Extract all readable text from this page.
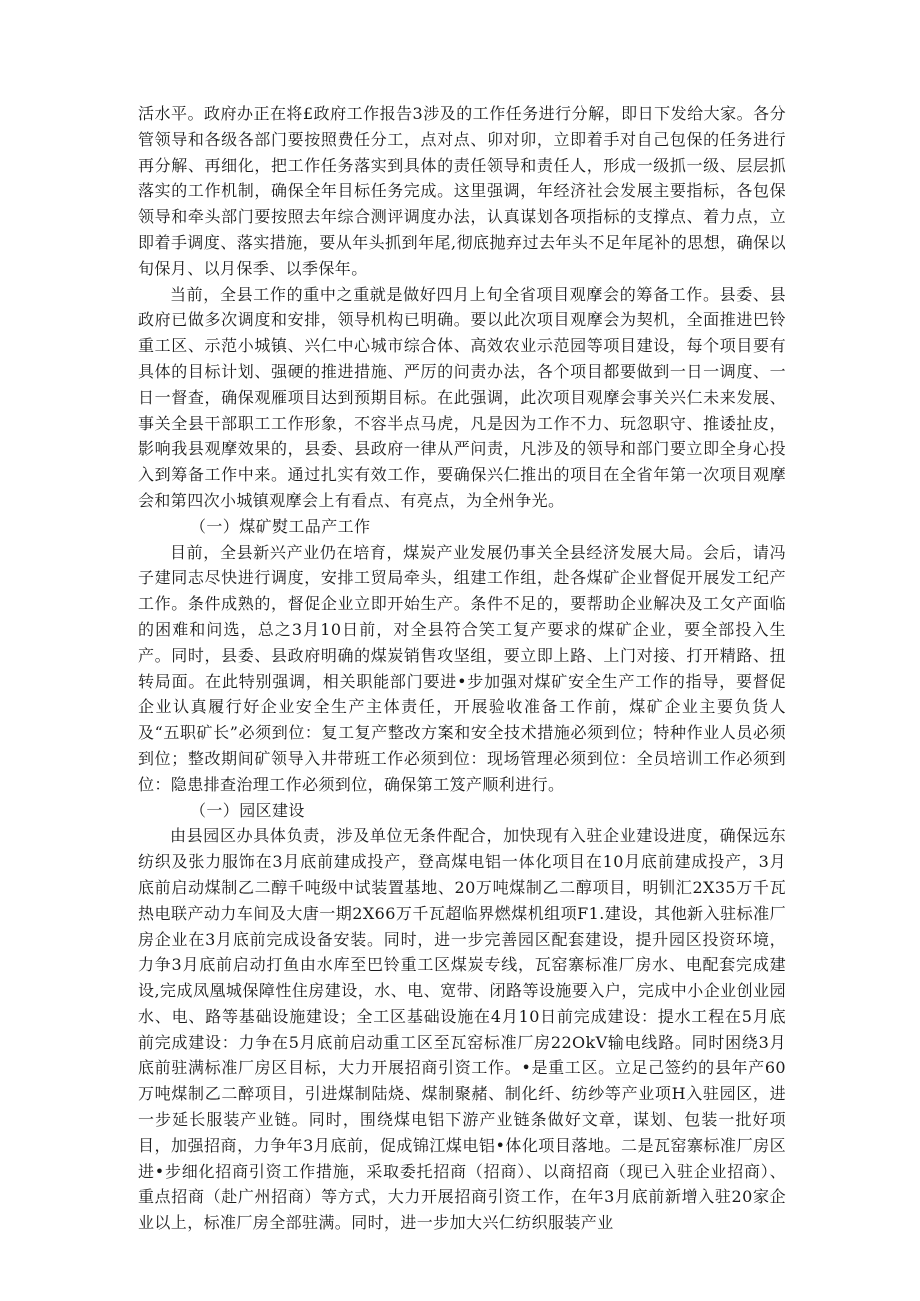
活水平。政府办正在将£政府工作报告3涉及的工作任务进行分解，即日下发给大家。各分管领导和各级各部门要按照费任分工，点对点、卯对卯，立即着手对自己包保的任务进行再分解、再细化，把工作任务落实到具体的责任领导和责任人，形成一级抓一级、层层抓落实的工作机制，确保全年目标任务完成。这里强调，年经济社会发展主要指标，各包保领导和牵头部门要按照去年综合测评调度办法，认真谋划各项指标的支撑点、着力点，立即着手调度、落实措施，要从年头抓到年尾,彻底抛弃过去年头不足年尾补的思想，确保以旬保月、以月保季、以季保年。

当前，全县工作的重中之重就是做好四月上旬全省项目观摩会的筹备工作。县委、县政府已做多次调度和安排，领导机构已明确。要以此次项目观摩会为契机，全面推进巴铃重工区、示范小城镇、兴仁中心城市综合体、高效农业示范园等项目建设，每个项目要有具体的目标计划、强硬的推进措施、严厉的问责办法，各个项目都要做到一日一调度、一日一督查，确保观雁项目达到预期目标。在此强调，此次项目观摩会事关兴仁未来发展、事关全县干部职工工作形象，不容半点马虎，凡是因为工作不力、玩忽职守、推诿扯皮，影响我县观摩效果的，县委、县政府一律从严问责，凡涉及的领导和部门要立即全身心投入到筹备工作中来。通过扎实有效工作，要确保兴仁推出的项目在全省年第一次项目观摩会和第四次小城镇观摩会上有看点、有亮点，为全州争光。

（一）煤矿熨工品产工作

目前，全县新兴产业仍在培育，煤炭产业发展仍事关全县经济发展大局。会后，请冯子建同志尽快进行调度，安排工贸局牵头，组建工作组，赴各煤矿企业督促开展发工纪产工作。条件成熟的，督促企业立即开始生产。条件不足的，要帮助企业解决及工攵产面临的困难和问选，总之3月10日前，对全县符合笑工复产要求的煤矿企业，要全部投入生产。同时，县委、县政府明确的煤炭销售攻坚组，要立即上路、上门对接、打开精路、扭转局面。在此特别强调，相关职能部门要进•步加强对煤矿安全生产工作的指导，要督促企业认真履行好企业安全生产主体责任，开展验收准备工作前，煤矿企业主要负货人及“五职矿长”必须到位：复工复产整改方案和安全技术措施必须到位；特种作业人员必须到位；整改期间矿领导入井带班工作必须到位：现场管理必须到位：全员培训工作必须到位：隐患排查治理工作必须到位，确保第工笈产顺利进行。

（一）园区建设

由县园区办具体负责，涉及单位无条件配合，加快现有入驻企业建设进度，确保远东纺织及张力服饰在3月底前建成投产，登高煤电铝一体化项目在10月底前建成投产，3月底前启动煤制乙二醇千吨级中试装置基地、20万吨煤制乙二醇项目，明钏汇2X35万千瓦热电联产动力车间及大唐一期2X66万千瓦超临界燃煤机组项F1.建设，其他新入驻标准厂房企业在3月底前完成设备安装。同时，进一步完善园区配套建设，提升园区投资环境，力争3月底前启动打鱼由水库至巴铃重工区煤炭专线，瓦窑寨标准厂房水、电配套完成建设,完成凤凰城保障性住房建设，水、电、宽带、闭路等设施要入户，完成中小企业创业园水、电、路等基础设施建设；全工区基础设施在4月10日前完成建设：提水工程在5月底前完成建设：力争在5月底前启动重工区至瓦窑标准厂房22OkV输电线路。同时困绕3月底前驻满标准厂房区目标，大力开展招商引资工作。•是重工区。立足己签约的县年产60万吨煤制乙二醉项目，引进煤制陆烧、煤制聚赭、制化纤、纺纱等产业项H入驻园区，进一步延长服装产业链。同时，围绕煤电铝下游产业链条做好文章，谋划、包装一批好项目，加强招商，力争年3月底前，促成锦江煤电铝•体化项目落地。二是瓦窑寨标准厂房区进•步细化招商引资工作措施，采取委托招商（招商）、以商招商（现已入驻企业招商）、重点招商（赴广州招商）等方式，大力开展招商引资工作，在年3月底前新增入驻20家企业以上，标准厂房全部驻满。同时，进一步加大兴仁纺织服装产业
